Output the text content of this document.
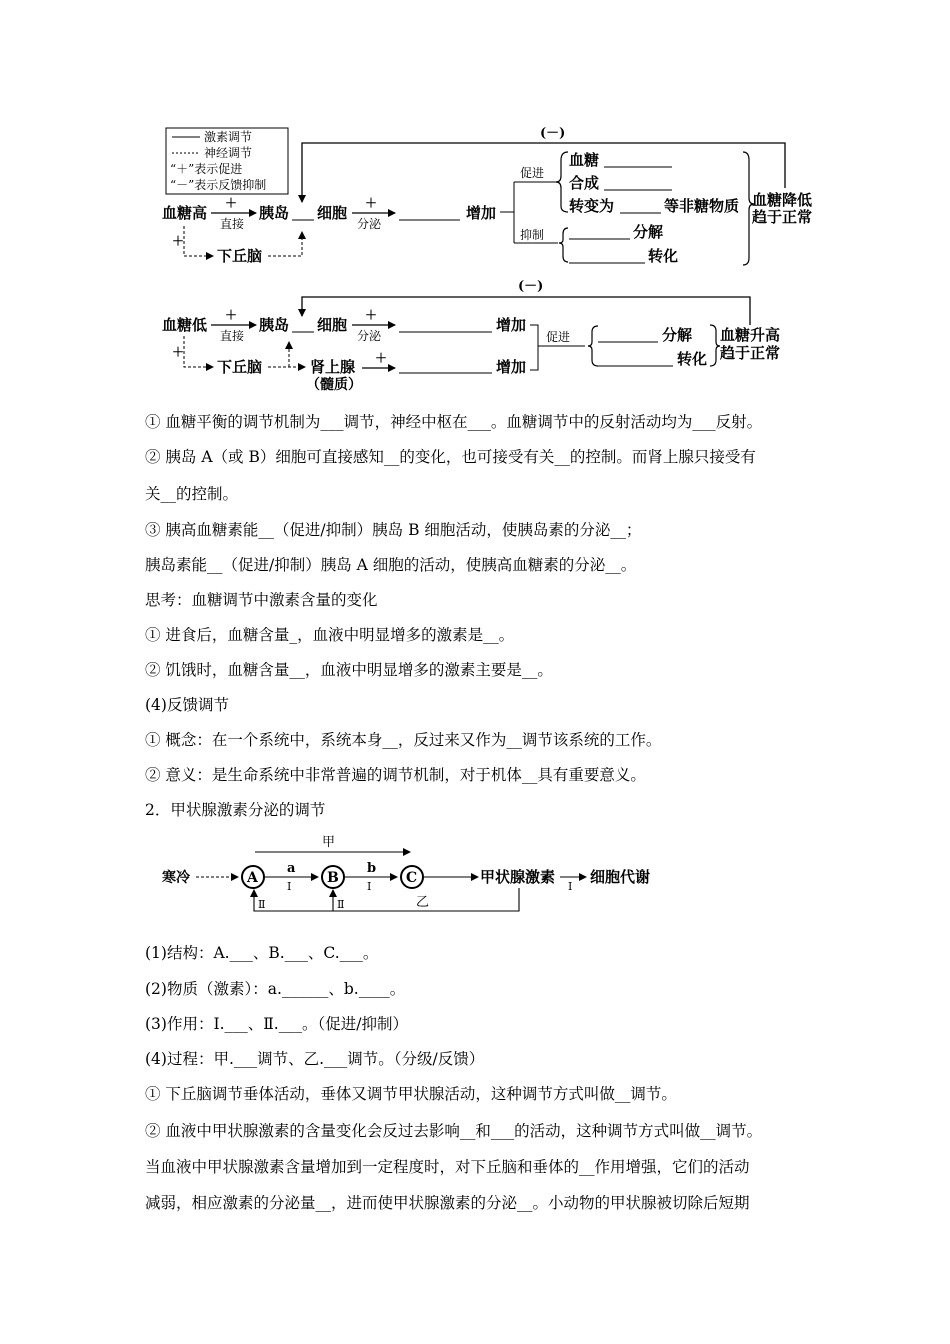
激素调节
神经调节
“＋”表示促进
“－”表示反馈抑制
(－)
血糖高
＋
直接
胰岛 细胞
＋
分泌
增加
促进
抑制
血糖
合成
转变为	等非糖物质
分解
转化
血糖降低
趋于正常
＋
下丘脑
(－)
血糖低
＋
直接
胰岛 细胞
＋
分泌
增加
＋
下丘脑	肾上腺
（髓质）
＋	增加
促进	分解
转化
血糖升高
趋于正常
① 血糖平衡的调节机制为___调节，神经中枢在___。血糖调节中的反射活动均为___反射。
② 胰岛 A（或 B）细胞可直接感知__的变化，也可接受有关__的控制。而肾上腺只接受有
关__的控制。
③ 胰高血糖素能__（促进/抑制）胰岛 B 细胞活动，使胰岛素的分泌__；
胰岛素能__（促进/抑制）胰岛 A 细胞的活动，使胰高血糖素的分泌__。
思考：血糖调节中激素含量的变化
① 进食后，血糖含量_，血液中明显增多的激素是__。
② 饥饿时，血糖含量__，血液中明显增多的激素主要是__。
(4)反馈调节
① 概念：在一个系统中，系统本身__，反过来又作为__调节该系统的工作。
② 意义：是生命系统中非常普遍的调节机制，对于机体__具有重要意义。
2．甲状腺激素分泌的调节
甲
寒冷	A
a
Ⅰ
B
b
Ⅰ
C	甲状腺激素
Ⅰ
细胞代谢
Ⅱ	Ⅱ	乙
(1)结构：A.___、B.___、C.___。
(2)物质（激素）：a.______、b.____。
(3)作用：Ⅰ.___、Ⅱ.___。（促进/抑制）
(4)过程：甲.___调节、乙.___调节。（分级/反馈）
① 下丘脑调节垂体活动，垂体又调节甲状腺活动，这种调节方式叫做__调节。
② 血液中甲状腺激素的含量变化会反过去影响__和___的活动，这种调节方式叫做__调节。
当血液中甲状腺激素含量增加到一定程度时，对下丘脑和垂体的__作用增强，它们的活动
减弱，相应激素的分泌量__，进而使甲状腺激素的分泌__。小动物的甲状腺被切除后短期
